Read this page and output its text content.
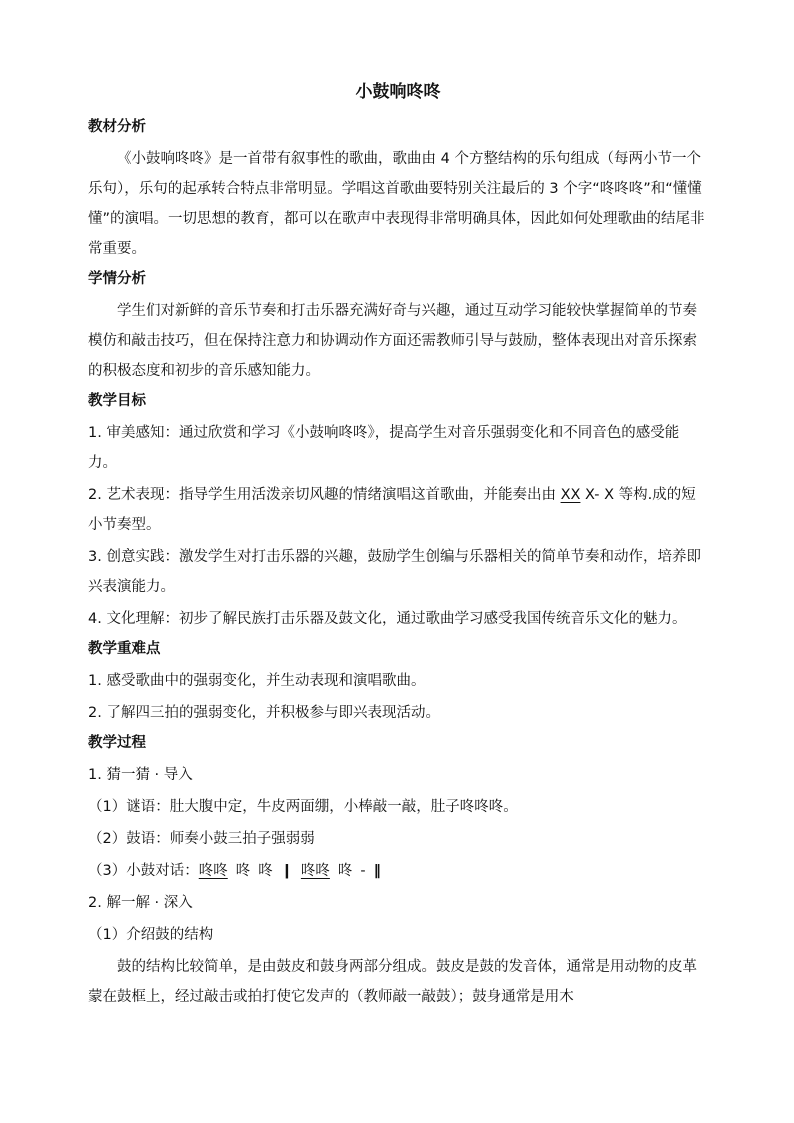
小鼓响咚咚
教材分析
《小鼓响咚咚》是一首带有叙事性的歌曲，歌曲由 4 个方整结构的乐句组成（每两小节一个乐句），乐句的起承转合特点非常明显。学唱这首歌曲要特别关注最后的 3 个字“咚咚咚”和“懂懂懂”的演唱。一切思想的教育，都可以在歌声中表现得非常明确具体，因此如何处理歌曲的结尾非常重要。
学情分析
学生们对新鲜的音乐节奏和打击乐器充满好奇与兴趣，通过互动学习能较快掌握简单的节奏模仿和敲击技巧，但在保持注意力和协调动作方面还需教师引导与鼓励，整体表现出对音乐探索的积极态度和初步的音乐感知能力。
教学目标
1. 审美感知：通过欣赏和学习《小鼓响咚咚》，提高学生对音乐强弱变化和不同音色的感受能力。
2. 艺术表现：指导学生用活泼亲切风趣的情绪演唱这首歌曲，并能奏出由 XX X- X 等构.成的短小节奏型。
3. 创意实践：激发学生对打击乐器的兴趣，鼓励学生创编与乐器相关的简单节奏和动作，培养即兴表演能力。
4. 文化理解：初步了解民族打击乐器及鼓文化，通过歌曲学习感受我国传统音乐文化的魅力。
教学重难点
1. 感受歌曲中的强弱变化，并生动表现和演唱歌曲。
2. 了解四三拍的强弱变化，并积极参与即兴表现活动。
教学过程
1. 猜一猜 · 导入
（1）谜语：肚大腹中定，牛皮两面绷，小棒敲一敲，肚子咚咚咚。
（2）鼓语：师奏小鼓三拍子强弱弱
（3）小鼓对话：咚咚 咚 咚 ❙ 咚咚 咚 - ‖
2. 解一解 · 深入
（1）介绍鼓的结构
鼓的结构比较简单，是由鼓皮和鼓身两部分组成。鼓皮是鼓的发音体，通常是用动物的皮革蒙在鼓框上，经过敲击或拍打使它发声的（教师敲一敲鼓）；鼓身通常是用木
